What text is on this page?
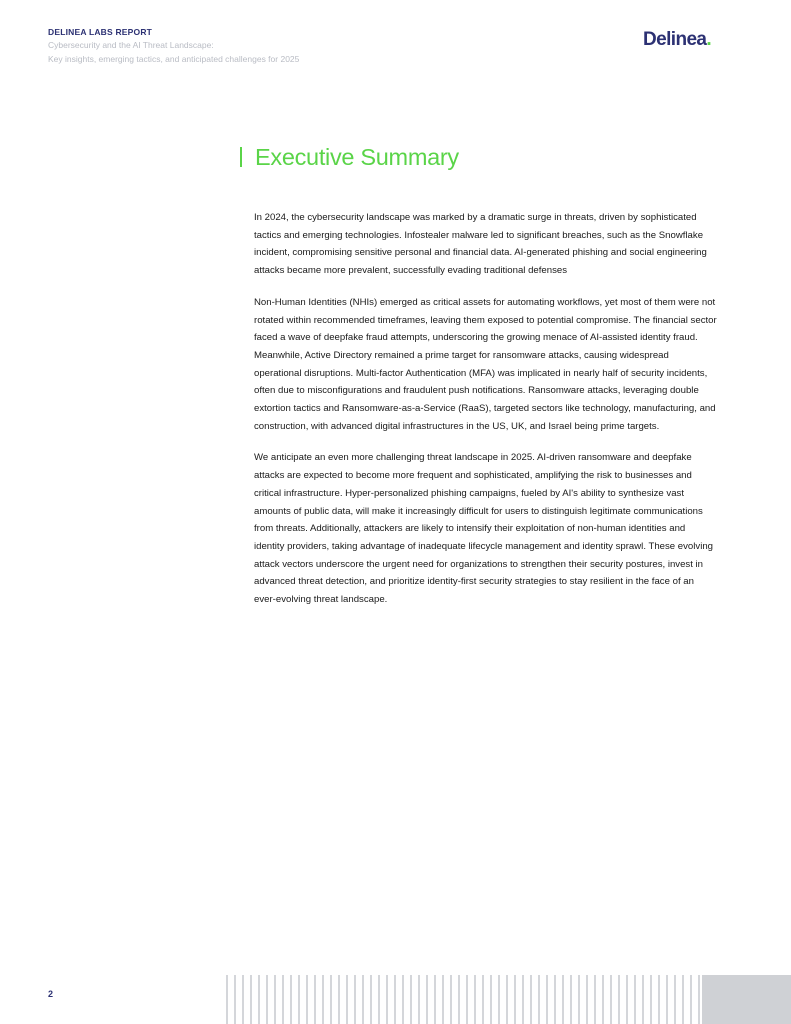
DELINEA LABS REPORT
Cybersecurity and the AI Threat Landscape:
Key insights, emerging tactics, and anticipated challenges for 2025
Delinea.
Executive Summary

In 2024, the cybersecurity landscape was marked by a dramatic surge in threats, driven by sophisticated tactics and emerging technologies. Infostealer malware led to significant breaches, such as the Snowflake incident, compromising sensitive personal and financial data. AI-generated phishing and social engineering attacks became more prevalent, successfully evading traditional defenses

Non-Human Identities (NHIs) emerged as critical assets for automating workflows, yet most of them were not rotated within recommended timeframes, leaving them exposed to potential compromise. The financial sector faced a wave of deepfake fraud attempts, underscoring the growing menace of AI-assisted identity fraud. Meanwhile, Active Directory remained a prime target for ransomware attacks, causing widespread operational disruptions. Multi-factor Authentication (MFA) was implicated in nearly half of security incidents, often due to misconfigurations and fraudulent push notifications. Ransomware attacks, leveraging double extortion tactics and Ransomware-as-a-Service (RaaS), targeted sectors like technology, manufacturing, and construction, with advanced digital infrastructures in the US, UK, and Israel being prime targets.

We anticipate an even more challenging threat landscape in 2025. AI-driven ransomware and deepfake attacks are expected to become more frequent and sophisticated, amplifying the risk to businesses and critical infrastructure. Hyper-personalized phishing campaigns, fueled by AI's ability to synthesize vast amounts of public data, will make it increasingly difficult for users to distinguish legitimate communications from threats. Additionally, attackers are likely to intensify their exploitation of non-human identities and identity providers, taking advantage of inadequate lifecycle management and identity sprawl. These evolving attack vectors underscore the urgent need for organizations to strengthen their security postures, invest in advanced threat detection, and prioritize identity-first security strategies to stay resilient in the face of an ever-evolving threat landscape.

2
